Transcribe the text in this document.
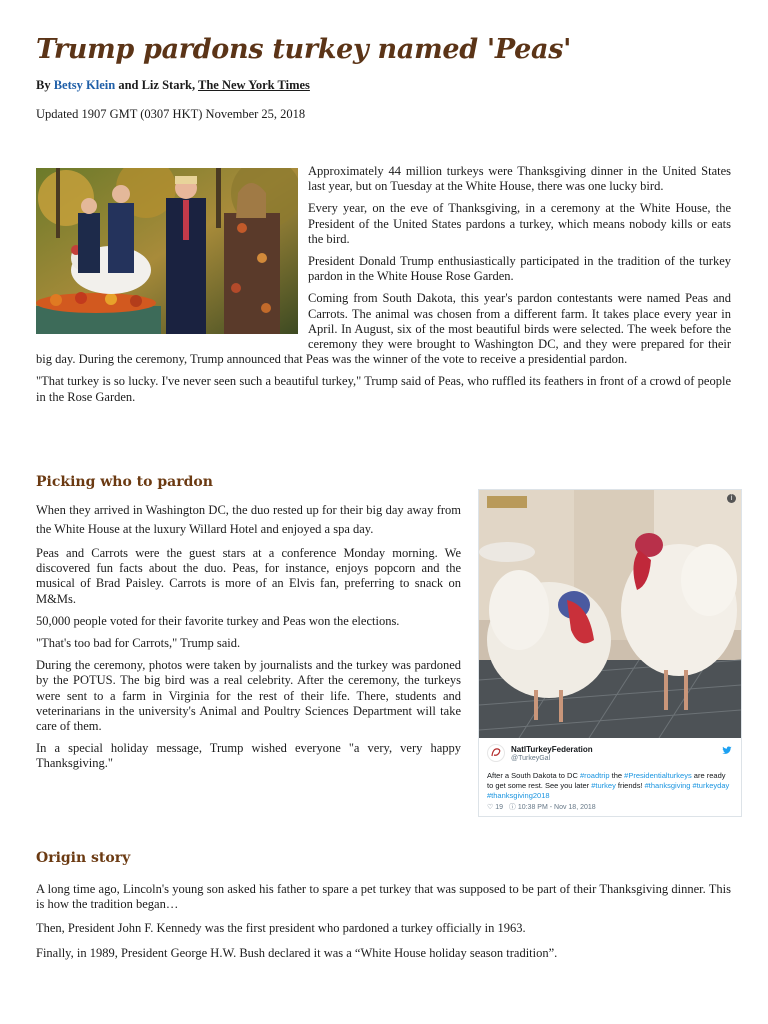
Trump pardons turkey named 'Peas'
By Betsy Klein and Liz Stark, The New York Times
Updated 1907 GMT (0307 HKT) November 25, 2018

Approximately 44 million turkeys were Thanksgiving dinner in the United States last year, but on Tuesday at the White House, there was one lucky bird.

Every year, on the eve of Thanksgiving, in a ceremony at the White House, the President of the United States pardons a turkey, which means nobody kills or eats the bird.

President Donald Trump enthusiastically participated in the tradition of the turkey pardon in the White House Rose Garden.

Coming from South Dakota, this year's pardon contestants were named Peas and Carrots. The animal was chosen from a different farm. It takes place every year in April. In August, six of the most beautiful birds were selected. The week before the ceremony they were brought to Washington DC, and they were prepared for their big day. During the ceremony, Trump announced that Peas was the winner of the vote to receive a presidential pardon.

"That turkey is so lucky. I've never seen such a beautiful turkey," Trump said of Peas, who ruffled its feathers in front of a crowd of people in the Rose Garden.

Picking who to pardon

When they arrived in Washington DC, the duo rested up for their big day away from the White House at the luxury Willard Hotel and enjoyed a spa day.

Peas and Carrots were the guest stars at a conference Monday morning. We discovered fun facts about the duo. Peas, for instance, enjoys popcorn and the musical of Brad Paisley. Carrots is more of an Elvis fan, preferring to snack on M&Ms.

50,000 people voted for their favorite turkey and Peas won the elections.

"That's too bad for Carrots," Trump said.

During the ceremony, photos were taken by journalists and the turkey was pardoned by the POTUS. The big bird was a real celebrity. After the ceremony, the turkeys were sent to a farm in Virginia for the rest of their life. There, students and veterinarians in the university's Animal and Poultry Sciences Department will take care of them.

In a special holiday message, Trump wished everyone "a very, very happy Thanksgiving."

i
NatlTurkeyFederation
@TurkeyGal
After a South Dakota to DC #roadtrip the #Presidentialturkeys are ready to get some rest. See you later #turkey friends! #thanksgiving #turkeyday #thanksgiving2018
♡ 19 ⓘ 10:38 PM - Nov 18, 2018
Origin story

A long time ago, Lincoln's young son asked his father to spare a pet turkey that was supposed to be part of their Thanksgiving dinner. This is how the tradition began…

Then, President John F. Kennedy was the first president who pardoned a turkey officially in 1963.

Finally, in 1989, President George H.W. Bush declared it was a “White House holiday season tradition”.
